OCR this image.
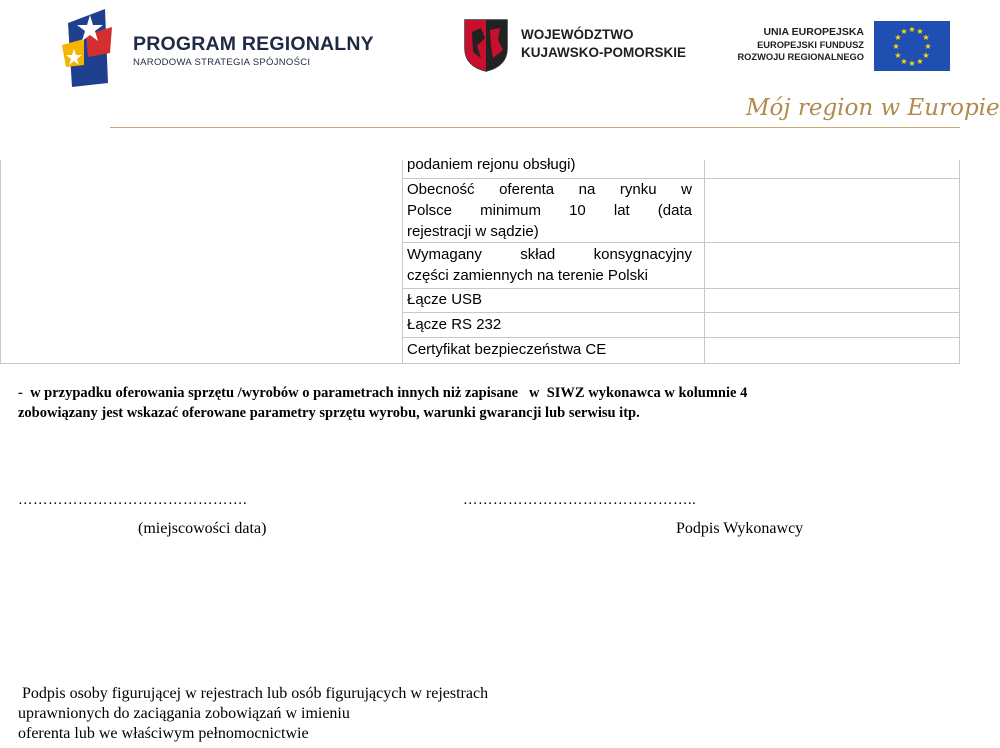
PROGRAM REGIONALNY
NARODOWA STRATEGIA SPÓJNOŚCI
WOJEWÓDZTWO
KUJAWSKO-POMORSKIE
UNIA EUROPEJSKA
EUROPEJSKI FUNDUSZ
ROZWOJU REGIONALNEGO
★ ★
★
★
★
★
★
★
★
★
★
★
Mój region w Europie
podaniem rejonu obsługi)
Obecność oferenta na rynku w
Polsce minimum 10 lat (data
rejestracji w sądzie)
Wymagany skład konsygnacyjny
części zamiennych na terenie Polski
Łącze USB
Łącze RS 232
Certyfikat bezpieczeństwa CE
-  w przypadku oferowania sprzętu /wyrobów o parametrach innych niż zapisane   w  SIWZ wykonawca w kolumnie 4
zobowiązany jest wskazać oferowane parametry sprzętu wyrobu, warunki gwarancji lub serwisu itp.
……………………………………….
(miejscowości data)
………………………………………..
Podpis Wykonawcy
Podpis osoby figurującej w rejestrach lub osób figurujących w rejestrach
uprawnionych do zaciągania zobowiązań w imieniu
oferenta lub we właściwym pełnomocnictwie
